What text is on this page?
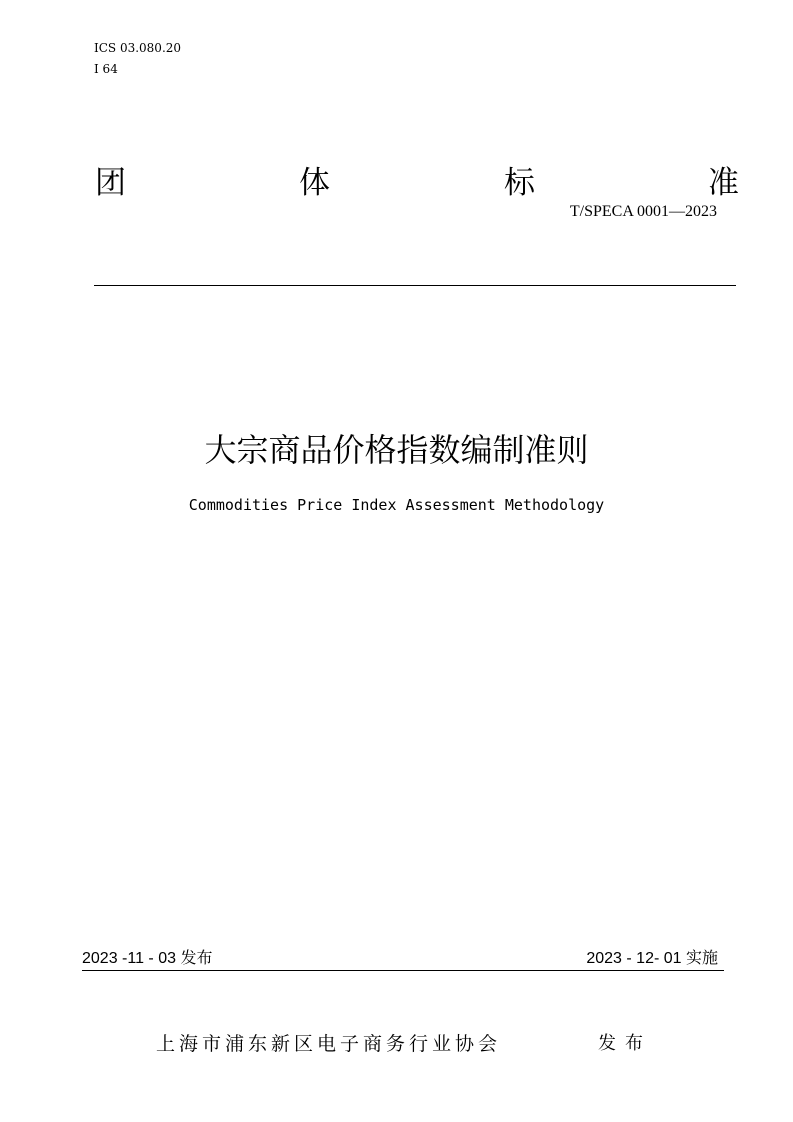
ICS 03.080.20
I 64
团	体	标	准
T/SPECA 0001—2023
大宗商品价格指数编制准则
Commodities Price Index Assessment Methodology
2023 -11 - 03 发布	2023 - 12- 01 实施
上海市浦东新区电子商务行业协会	发布
